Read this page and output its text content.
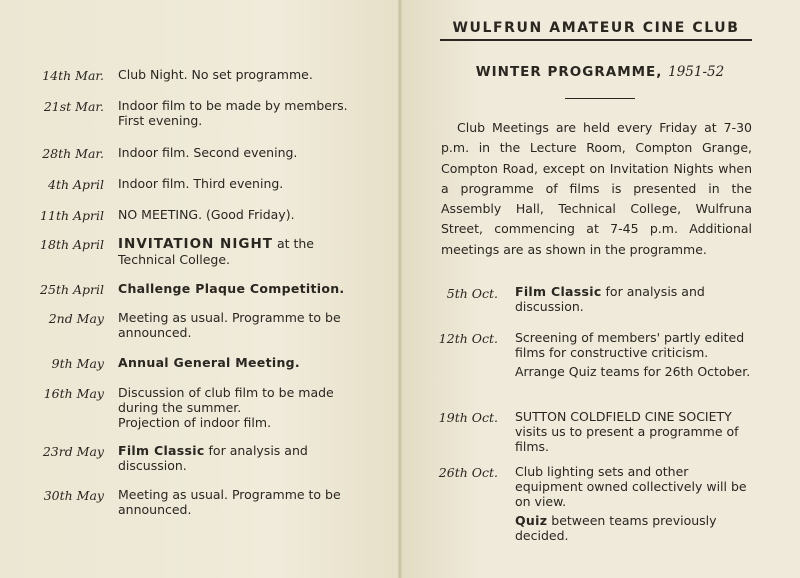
14th Mar. Club Night. No set programme.
21st Mar. Indoor film to be made by members. First evening.
28th Mar. Indoor film. Second evening.
4th April Indoor film. Third evening.
11th April NO MEETING. (Good Friday).
18th April INVITATION NIGHT at the Technical College.
25th April Challenge Plaque Competition.
2nd May Meeting as usual. Programme to be announced.
9th May Annual General Meeting.
16th May Discussion of club film to be made during the summer.
Projection of indoor film.
23rd May Film Classic for analysis and discussion.
30th May Meeting as usual. Programme to be announced.
WULFRUN AMATEUR CINE CLUB
WINTER PROGRAMME, 1951-52

Club Meetings are held every Friday at 7-30 p.m. in the Lecture Room, Compton Grange, Compton Road, except on Invitation Nights when a programme of films is presented in the Assembly Hall, Technical College, Wulfruna Street, commencing at 7-45 p.m. Additional meetings are as shown in the programme.

5th Oct. Film Classic for analysis and discussion.
12th Oct. Screening of members' partly edited films for constructive criticism.

Arrange Quiz teams for 26th October.
19th Oct. SUTTON COLDFIELD CINE SOCIETY visits us to present a programme of films.
26th Oct. Club lighting sets and other equipment owned collectively will be on view.
Quiz between teams previously decided.
